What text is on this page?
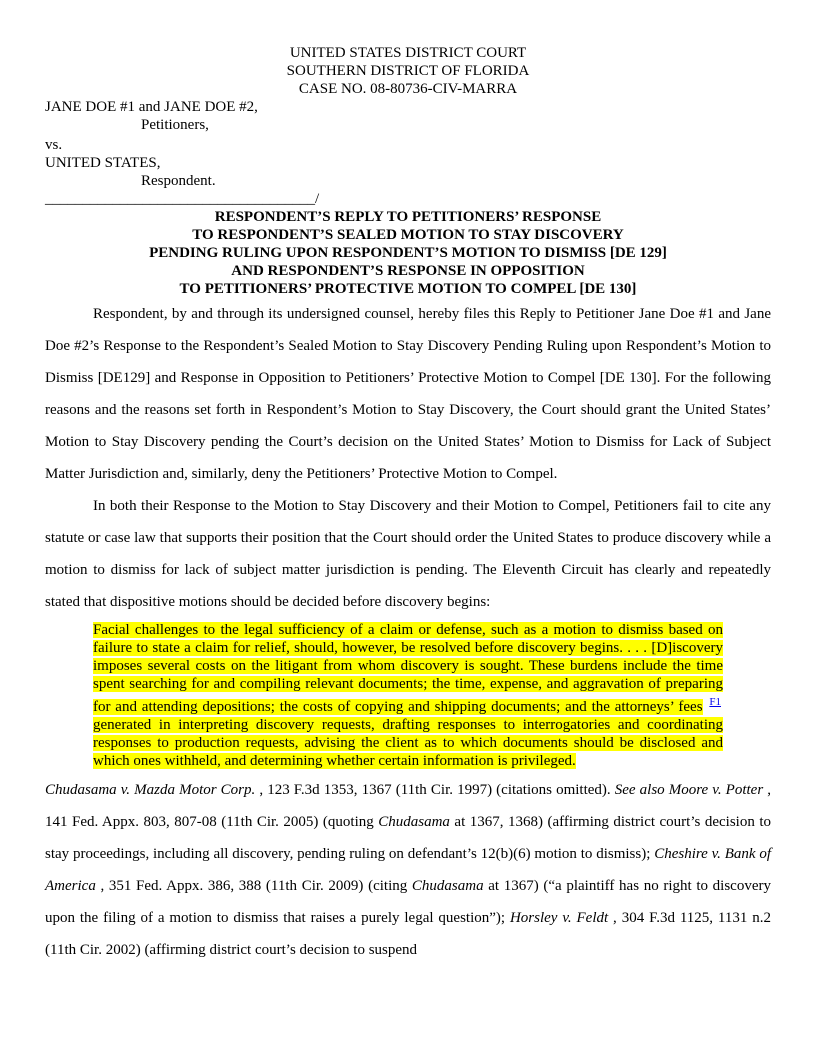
UNITED STATES DISTRICT COURT
SOUTHERN DISTRICT OF FLORIDA
CASE NO. 08-80736-CIV-MARRA
JANE DOE #1 and JANE DOE #2,
Petitioners,
vs.
UNITED STATES,
Respondent.
____________________________________/
RESPONDENT’S REPLY TO PETITIONERS’ RESPONSE
TO RESPONDENT’S SEALED MOTION TO STAY DISCOVERY
PENDING RULING UPON RESPONDENT’S MOTION TO DISMISS [DE 129]
AND RESPONDENT’S RESPONSE IN OPPOSITION
TO PETITIONERS’ PROTECTIVE MOTION TO COMPEL [DE 130]

Respondent, by and through its undersigned counsel, hereby files this Reply to Petitioner Jane Doe #1 and Jane Doe #2’s Response to the Respondent’s Sealed Motion to Stay Discovery Pending Ruling upon Respondent’s Motion to Dismiss [DE129] and Response in Opposition to Petitioners’ Protective Motion to Compel [DE 130]. For the following reasons and the reasons set forth in Respondent’s Motion to Stay Discovery, the Court should grant the United States’ Motion to Stay Discovery pending the Court’s decision on the United States’ Motion to Dismiss for Lack of Subject Matter Jurisdiction and, similarly, deny the Petitioners’ Protective Motion to Compel.

In both their Response to the Motion to Stay Discovery and their Motion to Compel, Petitioners fail to cite any statute or case law that supports their position that the Court should order the United States to produce discovery while a motion to dismiss for lack of subject matter jurisdiction is pending. The Eleventh Circuit has clearly and repeatedly stated that dispositive motions should be decided before discovery begins:

Facial challenges to the legal sufficiency of a claim or defense, such as a motion to dismiss based on failure to state a claim for relief, should, however, be resolved before discovery begins. . . . [D]iscovery imposes several costs on the litigant from whom discovery is sought. These burdens include the time spent searching for and compiling relevant documents; the time, expense, and aggravation of preparing for and attending depositions; the costs of copying and shipping documents; and the attorneys’ fees $^{F1}$ generated in interpreting discovery requests, drafting responses to interrogatories and coordinating responses to production requests, advising the client as to which documents should be disclosed and which ones withheld, and determining whether certain information is privileged.

Chudasama v. Mazda Motor Corp. , 123 F.3d 1353, 1367 (11th Cir. 1997) (citations omitted). See also Moore v. Potter , 141 Fed. Appx. 803, 807-08 (11th Cir. 2005) (quoting Chudasama at 1367, 1368) (affirming district court’s decision to stay proceedings, including all discovery, pending ruling on defendant’s 12(b)(6) motion to dismiss); Cheshire v. Bank of America , 351 Fed. Appx. 386, 388 (11th Cir. 2009) (citing Chudasama at 1367) (“a plaintiff has no right to discovery upon the filing of a motion to dismiss that raises a purely legal question”); Horsley v. Feldt , 304 F.3d 1125, 1131 n.2 (11th Cir. 2002) (affirming district court’s decision to suspend
